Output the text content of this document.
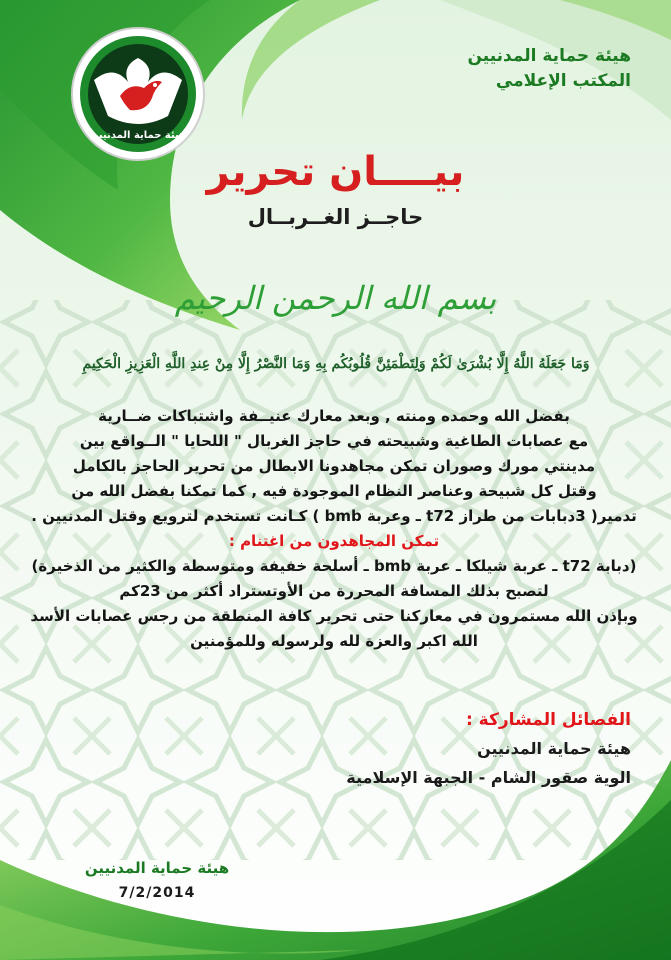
هيئة حماية المدنيين
المكتب الإعلامي
هيئة حماية المدنيين
بيــــان تحرير
حاجــز الغــربــال
بسم الله الرحمن الرحيم
وَمَا جَعَلَهُ اللَّهُ إِلَّا بُشْرَىٰ لَكُمْ وَلِتَطْمَئِنَّ قُلُوبُكُم بِهِ وَمَا النَّصْرُ إِلَّا مِنْ عِندِ اللَّهِ الْعَزِيزِ الْحَكِيمِ
بفضل الله وحمده ومنته , وبعد معارك عنيــفة واشتباكات ضــارية
مع عصابات الطاغية وشبيحته في حاجز الغربال " اللحايا " الــواقع بين
مدينتي مورك وصوران تمكن مجاهدونا الابطال من تحرير الحاجز بالكامل
وقتل كل شبيحة وعناصر النظام الموجودة فيه , كما تمكنا بفضل الله من
تدمير( 3دبابات من طراز t72 ـ وعربة bmb ) كـانت تستخدم لترويع وقتل المدنيين .
تمكن المجاهدون من اغتنام :
(دبابة t72 ـ عربة شيلكا ـ عربة bmb ـ أسلحة خفيفة ومتوسطة والكثير من الذخيرة)
لتصبح بذلك المسافة المحررة من الأوتستراد أكثر من 23كم
وبإذن الله مستمرون في معاركنا حتى تحرير كافة المنطقة من رجس عصابات الأسد
الله اكبر والعزة لله ولرسوله وللمؤمنين
الفصائل المشاركة :
هيئة حماية المدنيين
الوية صقور الشام - الجبهة الإسلامية
هيئة حماية المدنيين
7/2/2014
